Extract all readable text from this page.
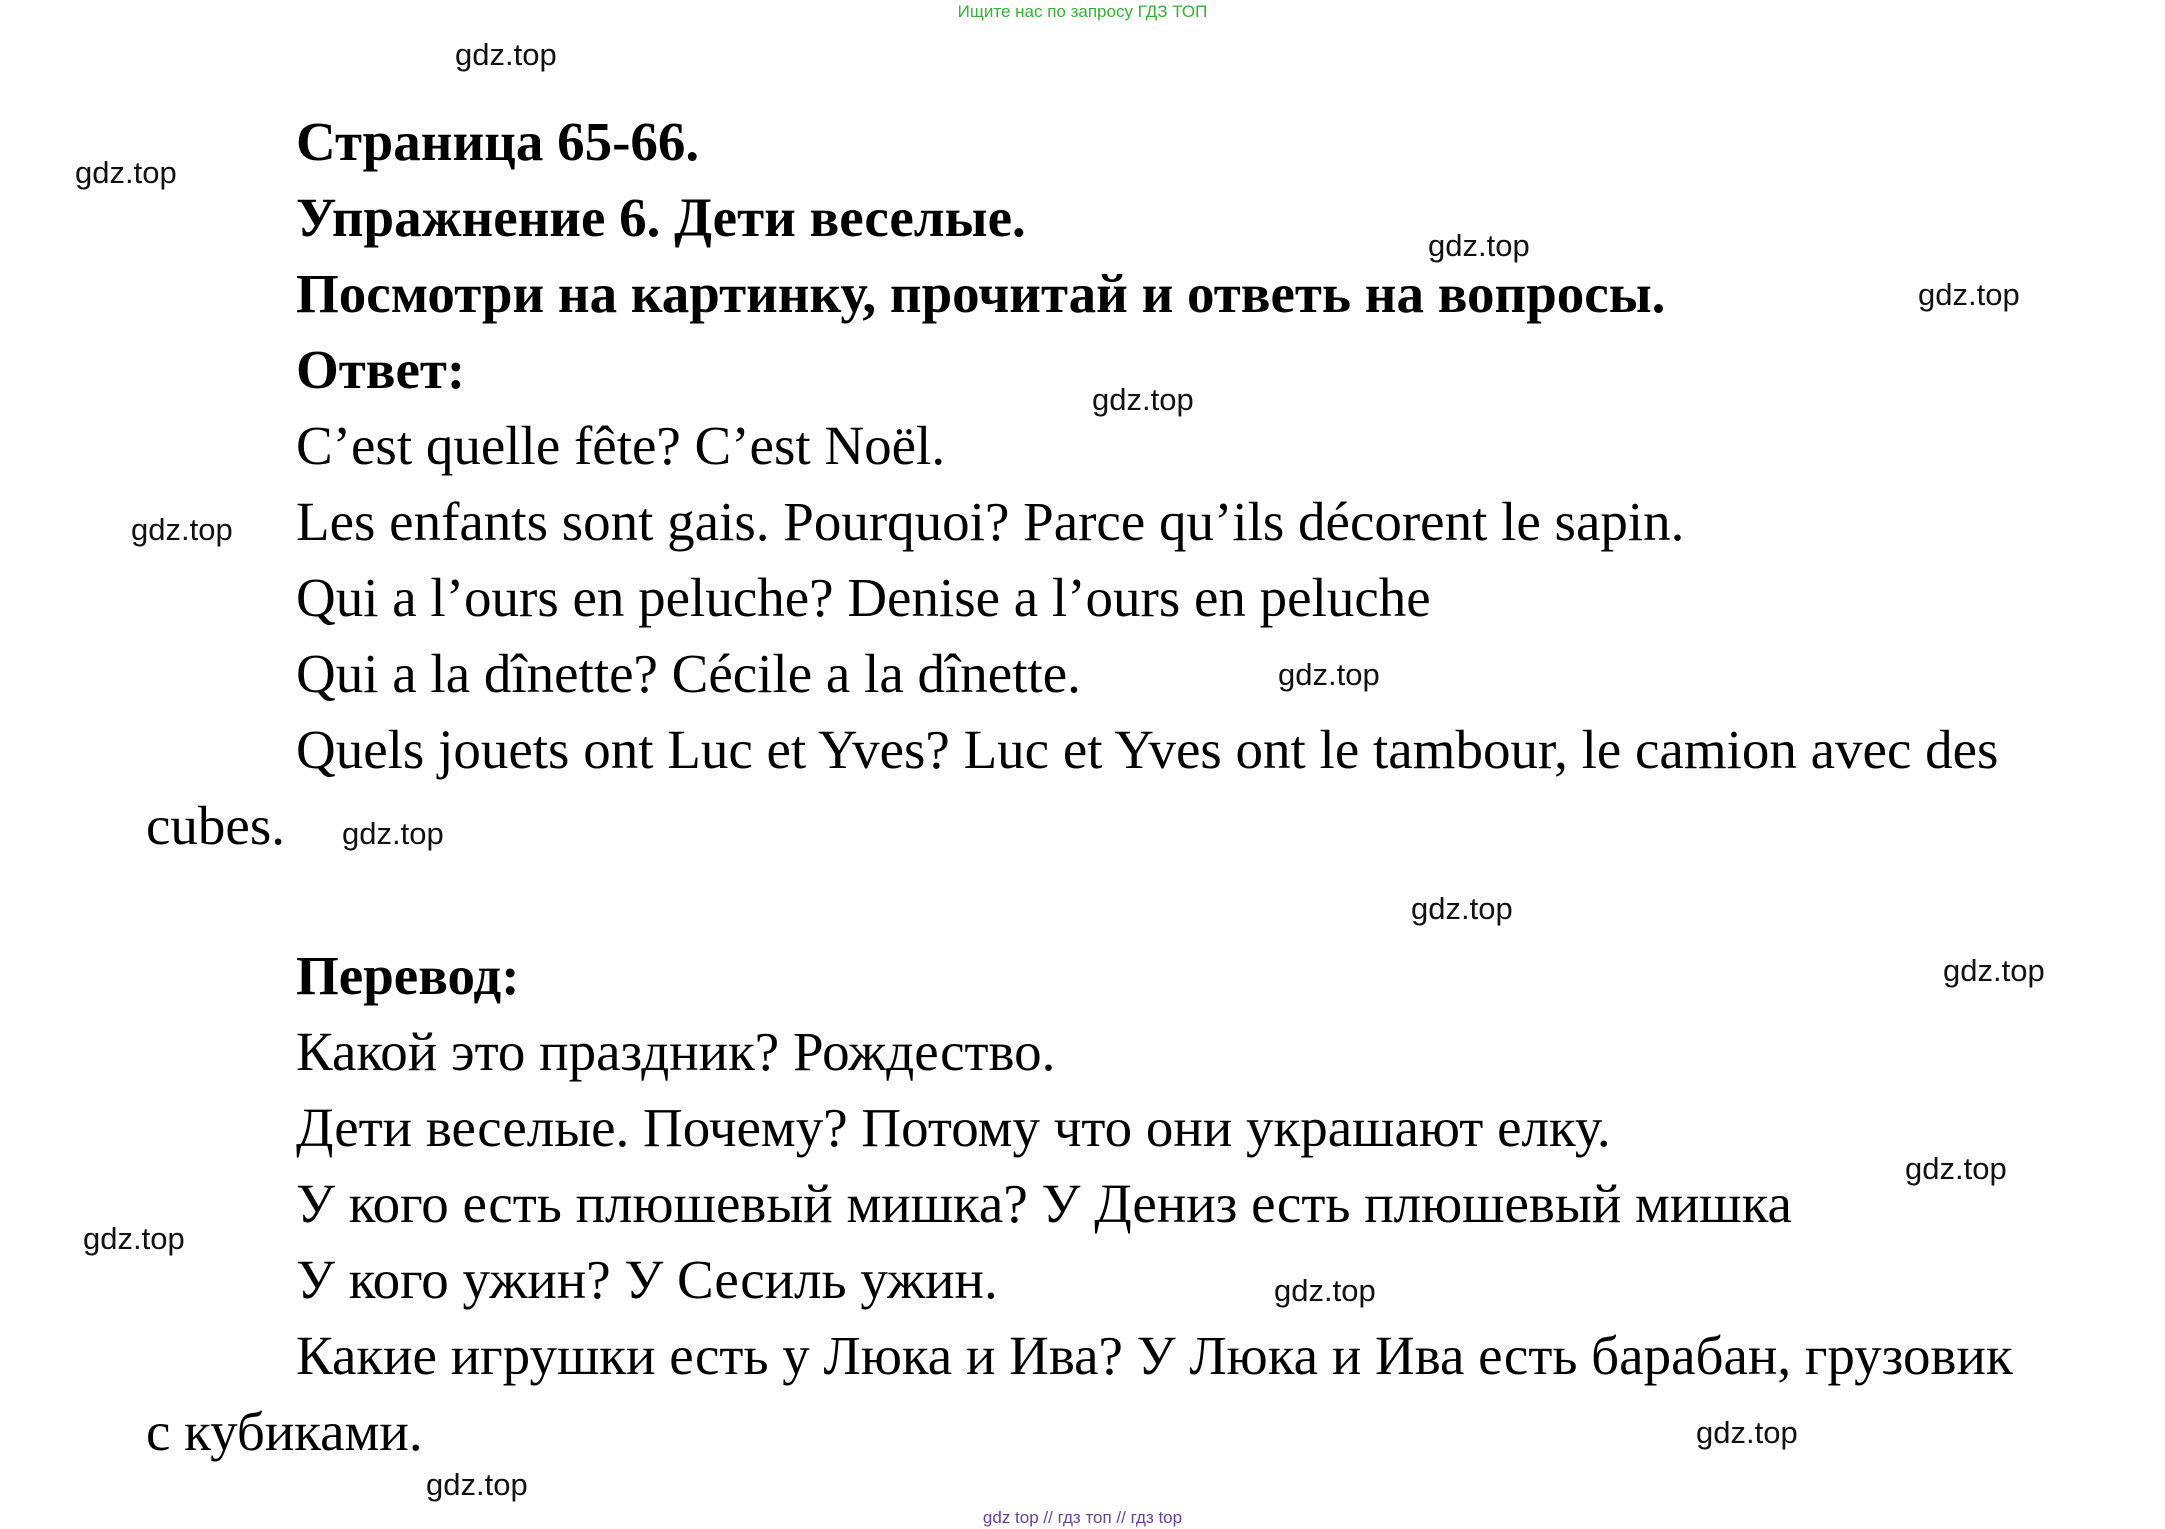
Ищите нас по запросу ГДЗ ТОП
Страница 65-66.
Упражнение 6. Дети веселые.
Посмотри на картинку, прочитай и ответь на вопросы.
Ответ:
C’est quelle fête? C’est Noël.
Les enfants sont gais. Pourquoi? Parce qu’ils décorent le sapin.
Qui a l’ours en peluche? Denise a l’ours en peluche
Qui a la dînette? Cécile a la dînette.
Quels jouets ont Luc et Yves? Luc et Yves ont le tambour, le camion avec des
cubes.
Перевод:
Какой это праздник? Рождество.
Дети веселые. Почему? Потому что они украшают елку.
У кого есть плюшевый мишка? У Дениз есть плюшевый мишка
У кого ужин? У Сесиль ужин.
Какие игрушки есть у Люка и Ива? У Люка и Ива есть барабан, грузовик
с кубиками.
gdz.top
gdz.top
gdz.top
gdz.top
gdz.top
gdz.top
gdz.top
gdz.top
gdz.top
gdz.top
gdz.top
gdz.top
gdz.top
gdz.top
gdz.top
gdz top // гдз топ // гдз top
